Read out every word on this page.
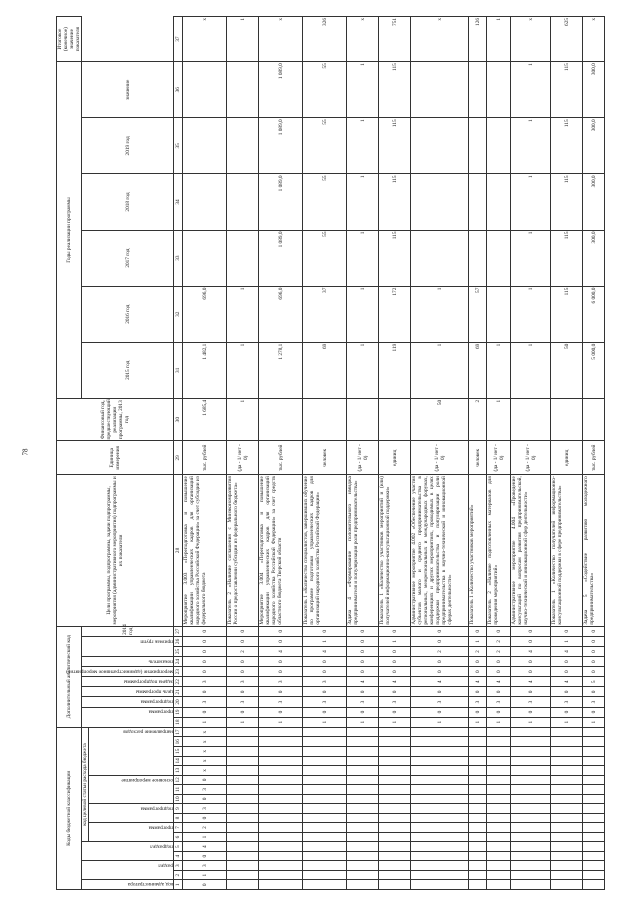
78
Коды бюджетной классификации																	Дополнительный аналитический код										Цели программы, подпрограммы, задачи подпрограммы, мероприятия (административного мероприятия) подпрограммы и их показатели	Единица измерения	Финансовый год, предшествующий реализации программы, 2013 год	Годы реализации программы						Итоговое (конечное) значение показателя
код администратора	раздел		подраздел		код целевой статьи расхода бюджета												программа		подпрограмма	цель программы	задача подпрограммы	мероприятие (административное мероприятие)	показатель	признак групп		2014 год				2015 год	2016 год	2017 год	2018 год	2019 год	значение	
					программа		подпрограмма		основное мероприятие			направление расходов																								
1	2	3	4	5	6	7	8	9	10	11	12	13	14	15	16	17	18	19	20	21	22	23	24	25	26	27	28	29	30	31	32	33	34	35	36	37
0	1	3	0	4	1	2	0	3	0	3	0	x	x	x	x	x	1	0	3	0	3	0	0	0	0	0	Мероприятие 3.003 «Переподготовка и повышение квалификации управленческих кадров для организаций народного хозяйства Российской Федерации» за счет субсидии из федерального бюджета	тыс. рублей	1 685,4	1 482,1	696,0					x
																	1	0	3	0	3	0	0	2	0	0	Показатель 2 «Наличие соглашения с Минэкономразвития России о предоставлении субсидии из федерального бюджета»	(да - 1/ нет - 0)	1	1	1					1
																	1	0	3	0	3	0	0	4	0	0	Мероприятие 3.004 «Переподготовка и повышение квалификации управленческих кадров для организаций народного хозяйства Российской Федерации» за счет средств областного бюджета Тверской области	тыс. рублей		1 278,1	696,0	1 089,0	1 089,0	1 089,0	1 089,0	x
																	1	0	3	0	3	0	0	4	1	0	Показатель 1 «Количество специалистов, завершивших обучение по программе подготовки управленческих кадров для организаций народного хозяйства Российской Федерации»	человек		69	37	55	55	55	55	326
																	1	0	3	0	4	0	0	0	0	0	Задача 4 «Формирование положительного имиджа предпринимателя и популяризация роли предпринимательства»	(да - 1/ нет - 0)		1	1	1	1	1	1	x
																	1	0	3	0	4	0	0	0	1	0	Показатель 1 «Количество участников мероприятий и (или) получателей информационно-консультационной поддержки»	единиц		119	172	115	115	115	115	751
																	1	0	3	0	4	0	0	2	0	0	Административное мероприятие 4.002 «Обеспечение участия субъектов малого и среднего предпринимательства в региональных, межрегиональных и международных форумах, конференциях и других мероприятиях, проводимых в целях поддержки предпринимательства и популяризации роли предпринимательства в научно-технической и инновационной сферах деятельности»	(да - 1/ нет - 0)	50	1	1					x
																	1	0	3	0	4	0	0	2	1	0	Показатель 1 «Количество участников мероприятий»	человек	2	69	57					126
																	1	0	3	0	4	0	0	2	2	0	Показатель 2 «Наличие подготовленных материалов для проведения мероприятий»	(да - 1/ нет - 0)	1	1						1
																	1	0	3	0	4	0	0	4	0	0	Административное мероприятие 4.004 «Проведение консультаций по вопросам развития предпринимательской, научно-технической и инновационной сфер деятельности»	(да - 1/ нет - 0)		1	1	1	1	1	1	x
																	1	0	3	0	4	0	0	4	1	0	Показатель 1 «Количество получателей информационно-консультационной поддержки в сфере предпринимательства»	единиц		50	115	115	115	115	115	625
																	1	0	3	0	5	0	0	0	0	0	Задача 5 «Содействие развитию молодежного предпринимательства»	тыс. рублей		5 000,0	6 000,0	300,0	300,0	300,0	300,0	x
